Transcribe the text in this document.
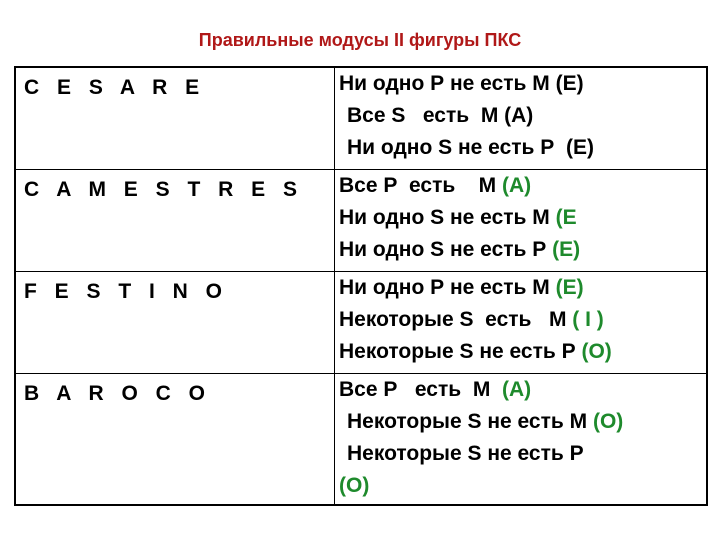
Правильные модусы II фигуры ПКС
C E S A R E	Ни одно Р не есть М (Е)
Все S   есть  М (А)
Ни одно S не есть Р  (Е)

C A M E S T R E S	Все Р  есть    М (А)
Ни одно S не есть М (Е
Ни одно S не есть Р (Е)

F E S T I N O	Ни одно Р не есть М (Е)
Некоторые S  есть   М ( I )
Некоторые S не есть Р (О)

B A R O C O	Все Р   есть  М  (А)
Некоторые S не есть М (О)
Некоторые S не есть Р
(О)
